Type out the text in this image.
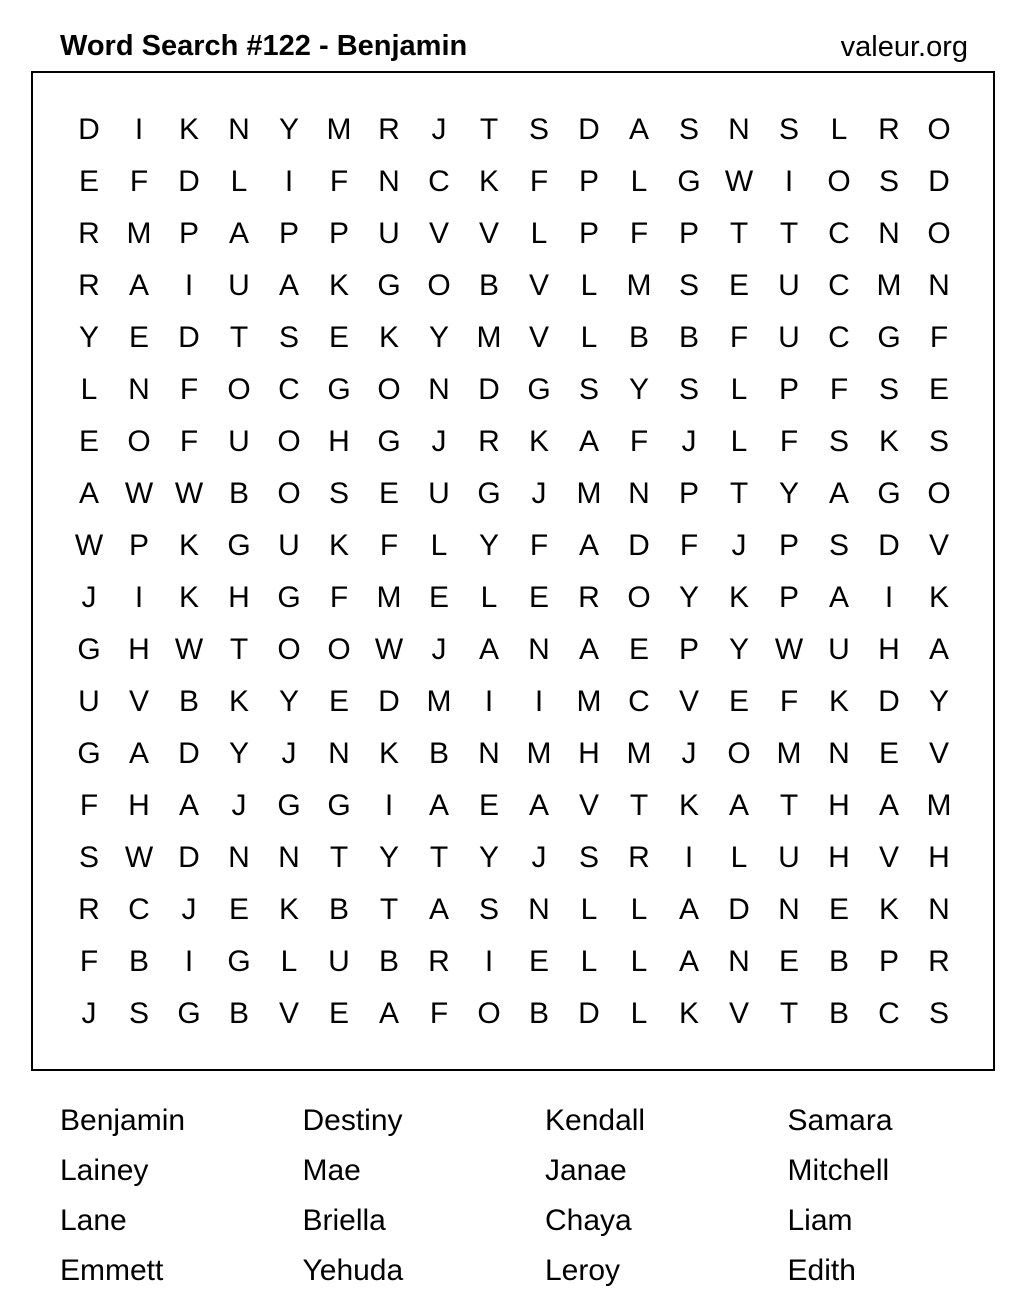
Word Search #122 - Benjamin	valeur.org
D	I	K N Y M R	J	T	S D A S N S	L	R O
E	F	D	L	I	F	N C K	F	P	L G W	I	O S D
R M P A P P U V V	L	P	F	P	T	T	C N O
R A	I	U A K G O B V	L M S E U C M N
Y E D	T	S E K Y M V	L	B B	F	U C G F
L	N	F O C G O N D G S Y S	L	P	F	S E
E O F	U O H G	J	R K A	F	J	L	F	S K S
A W W B O S E U G	J	M N P	T	Y A G O
W P K G U K	F	L	Y	F	A D	F	J	P S D V
J	I	K H G F M E	L	E R O Y K P A	I	K
G H W T O O W J	A N A E P Y W U H A
U V B K Y E D M	I	I	M C V E	F	K D Y
G A D Y	J	N K B N M H M	J	O M N E V
F	H A	J	G G	I	A E A V	T	K A	T	H A M
S W D N N	T	Y	T	Y	J	S R	I	L	U H V H
R C	J	E K B	T	A S N	L	L	A D N E K N
F	B	I	G L	U B R	I	E	L	L	A N E B P R
J	S G B V E A	F O B D	L	K V	T	B C S
Benjamin	Destiny	Kendall	Samara
Lainey	Mae	Janae	Mitchell
Lane	Briella	Chaya	Liam
Emmett	Yehuda	Leroy	Edith
